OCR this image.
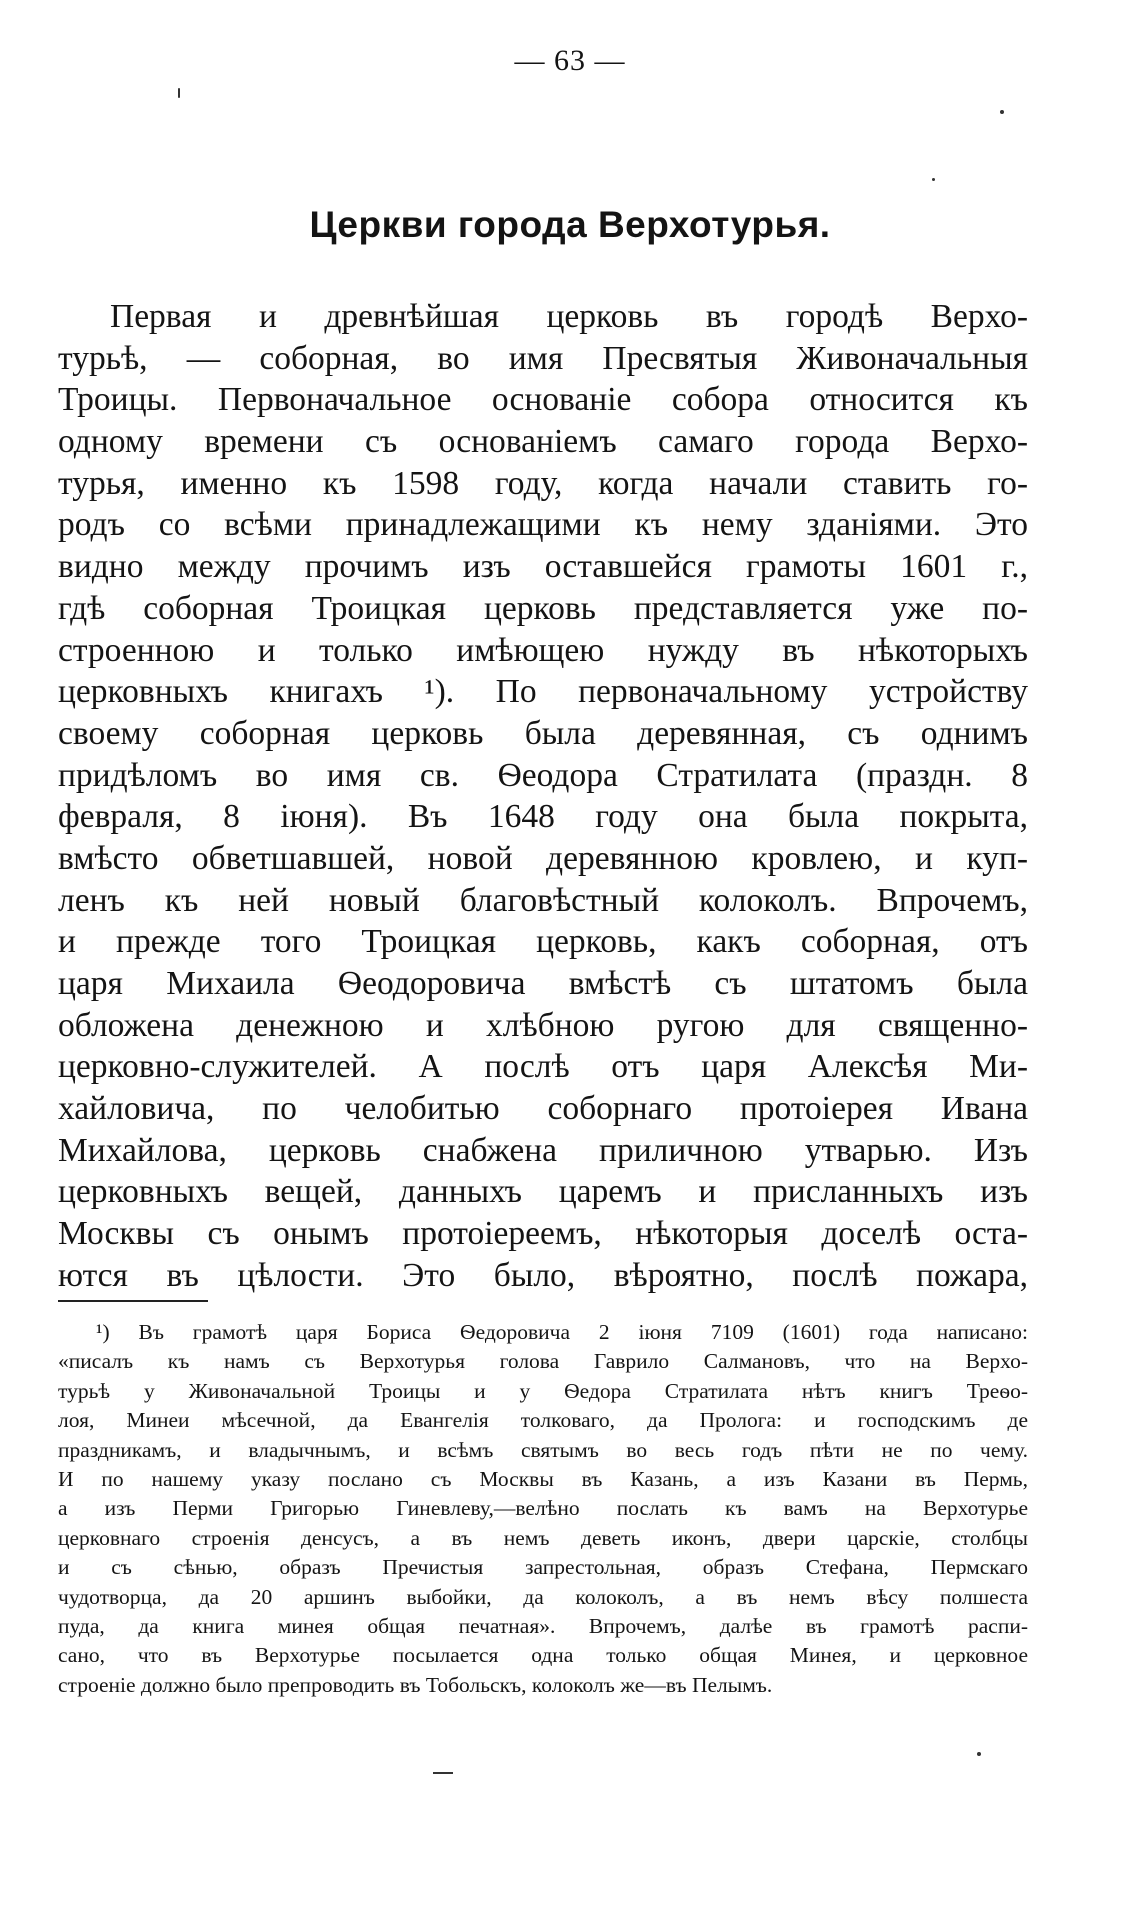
— 63 —
Церкви города Верхотурья.
Первая и древнѣйшая церковь въ городѣ Верхо-
турьѣ, — соборная, во имя Пресвятыя Живоначальныя
Троицы. Первоначальное основанiе собора относится къ
одному времени съ основанiемъ самаго города Верхо-
турья, именно къ 1598 году, когда начали ставить го-
родъ со всѣми принадлежащими къ нему зданiями. Это
видно между прочимъ изъ оставшейся грамоты 1601 г.,
гдѣ соборная Троицкая церковь представляется уже по-
строенною и только имѣющею нужду въ нѣкоторыхъ
церковныхъ книгахъ ¹). По первоначальному устройству
своему соборная церковь была деревянная, съ однимъ
придѣломъ во имя св. Ѳеодора Стратилата (праздн. 8
февраля, 8 iюня). Въ 1648 году она была покрыта,
вмѣсто обветшавшей, новой деревянною кровлею, и куп-
ленъ къ ней новый благовѣстный колоколъ. Впрочемъ,
и прежде того Троицкая церковь, какъ соборная, отъ
царя Михаила Ѳеодоровича вмѣстѣ съ штатомъ была
обложена денежною и хлѣбною ругою для священно-
церковно-служителей. А послѣ отъ царя Алексѣя Ми-
хайловича, по челобитью соборнаго протоiерея Ивана
Михайлова, церковь снабжена приличною утварью. Изъ
церковныхъ вещей, данныхъ царемъ и присланныхъ изъ
Москвы съ онымъ протоiереемъ, нѣкоторыя доселѣ оста-
ются въ цѣлости. Это было, вѣроятно, послѣ пожара,
¹) Въ грамотѣ царя Бориса Ѳедоровича 2 iюня 7109 (1601) года написано:
«писалъ къ намъ съ Верхотурья голова Гаврило Салмановъ, что на Верхо-
турьѣ у Живоначальной Троицы и у Ѳедора Стратилата нѣтъ книгъ Треѳо-
лоя, Минеи мѣсечной, да Евангелiя толковаго, да Пролога: и господскимъ де
праздникамъ, и владычнымъ, и всѣмъ святымъ во весь годъ пѣти не по чему.
И по нашему указу послано съ Москвы въ Казань, а изъ Казани въ Пермь,
а изъ Перми Григорью Гиневлеву,—велѣно послать къ вамъ на Верхотурье
церковнаго строенiя денсусъ, а въ немъ деветь иконъ, двери царскiе, столбцы
и съ сѣнью, образъ Пречистыя запрестольная, образъ Стефана, Пермскаго
чудотворца, да 20 аршинъ выбойки, да колоколъ, а въ немъ вѣсу полшеста
пуда, да книга минея общая печатная». Впрочемъ, далѣе въ грамотѣ распи-
сано, что въ Верхотурье посылается одна только общая Минея, и церковное
строенiе должно было препроводить въ Тобольскъ, колоколъ же—въ Пелымъ.
